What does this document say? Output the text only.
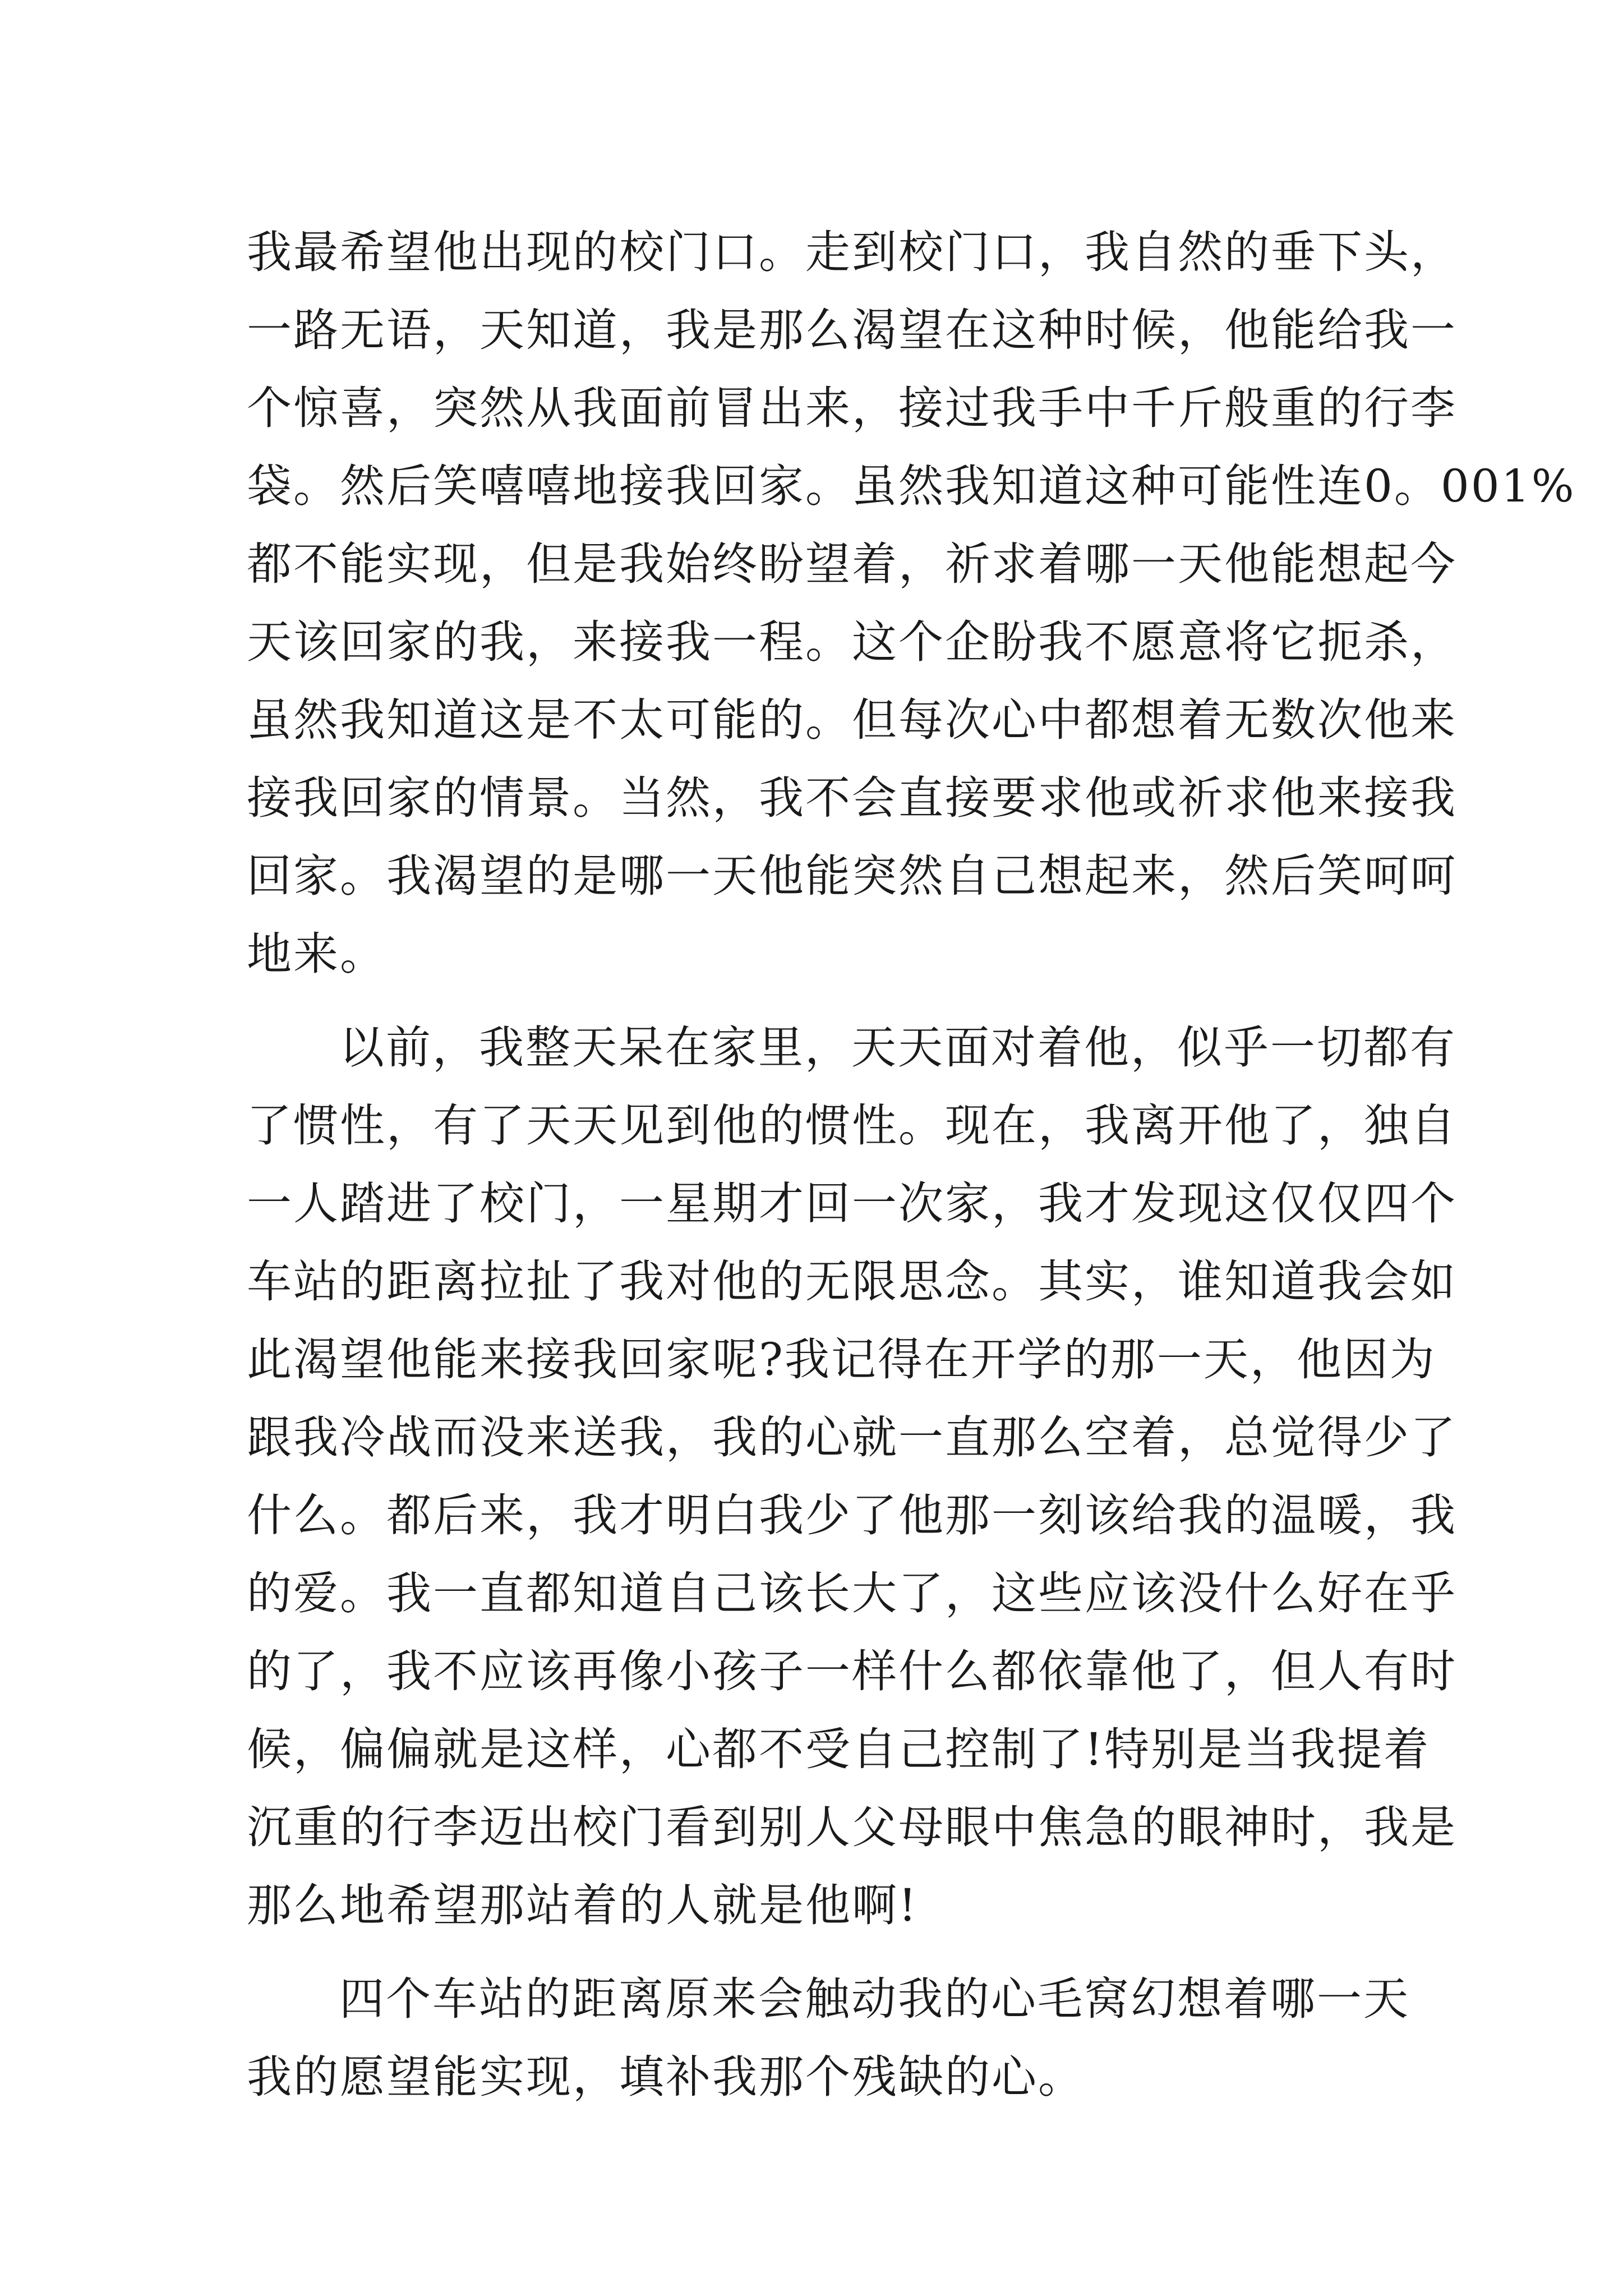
我最希望他出现的校门口。走到校门口，我自然的垂下头，
一路无语，天知道，我是那么渴望在这种时候，他能给我一
个惊喜，突然从我面前冒出来，接过我手中千斤般重的行李
袋。然后笑嘻嘻地接我回家。虽然我知道这种可能性连0。001%
都不能实现，但是我始终盼望着，祈求着哪一天他能想起今
天该回家的我，来接我一程。这个企盼我不愿意将它扼杀，
虽然我知道这是不太可能的。但每次心中都想着无数次他来
接我回家的情景。当然，我不会直接要求他或祈求他来接我
回家。我渴望的是哪一天他能突然自己想起来，然后笑呵呵
地来。
以前，我整天呆在家里，天天面对着他，似乎一切都有
了惯性，有了天天见到他的惯性。现在，我离开他了，独自
一人踏进了校门，一星期才回一次家，我才发现这仅仅四个
车站的距离拉扯了我对他的无限思念。其实，谁知道我会如
此渴望他能来接我回家呢?我记得在开学的那一天，他因为
跟我冷战而没来送我，我的心就一直那么空着，总觉得少了
什么。都后来，我才明白我少了他那一刻该给我的温暖，我
的爱。我一直都知道自己该长大了，这些应该没什么好在乎
的了，我不应该再像小孩子一样什么都依靠他了，但人有时
候，偏偏就是这样，心都不受自己控制了!特别是当我提着
沉重的行李迈出校门看到别人父母眼中焦急的眼神时，我是
那么地希望那站着的人就是他啊!
四个车站的距离原来会触动我的心毛窝幻想着哪一天
我的愿望能实现，填补我那个残缺的心。
